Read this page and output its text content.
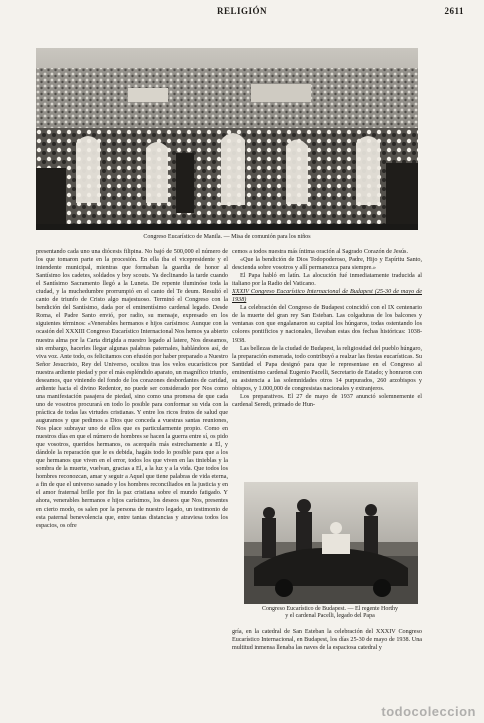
RELIGIÓN	2611
Congreso Eucarístico de Manila. — Misa de comunión para los niños

presentando cada uno una diócesis filipina. No bajó de 500,000 el número de los que tomaron parte en la procesión. En ella iba el vicepresidente y el intendente municipal, mientras que formaban la guardia de honor al Santísimo los cadetes, soldados y boy scouts. Ya declinando la tarde cuando el Santísimo Sacramento llegó a la Luneta. De repente iluminóse toda la ciudad, y la muchedumbre prorrumpió en el canto del Te deum. Resultó el canto de triunfo de Cristo algo majestuoso. Terminó el Congreso con la bendición del Santísimo, dada por el eminentísimo cardenal legado. Desde Roma, el Padre Santo envió, por radio, su mensaje, expresado en los siguientes términos: «Venerables hermanos e hijos carísimos: Aunque con la ocasión del XXXIII Congreso Eucarístico Internacional Nos hemos ya abierto nuestra alma por la Carta dirigida a nuestro legado al latere, Nos deseamos, sin embargo, hacerles llegar algunas palabras paternales, hablándoos así, de viva voz. Ante todo, os felicitamos con efusión por haber preparado a Nuestro Señor Jesucristo, Rey del Universo, ocultos tras los velos eucarísticos por nuestra ardiente piedad y por el más espléndido aparato, un magnífico triunfo, deseamos, que viniendo del fondo de los corazones desbordantes de caridad, ardiente hacia el divino Redentor, no puede ser considerado por Nos como una manifestación pasajera de piedad, sino como una promesa de que cada uno de vosotros procurará en todo lo posible para conformar su vida con la práctica de todas las virtudes cristianas. Y entre los ricos frutos de salud que auguramos y que pedimos a Dios que conceda a vuestras santas reuniones, Nos place subrayar uno de ellos que es particularmente propio. Como en nuestros días en que el número de hombres se hacen la guerra entre sí, os pido que vosotros, queridos hermanos, os acerquéis más estrechamente a El, y dándole la reparación que le es debida, hagáis todo lo posible para que a los que hermanos que viven en el error, todos los que viven en las tinieblas y la sombra de la muerte, vuelvan, gracias a El, a la luz y a la vida. Que todos los hombres reconozcan, amar y seguir a Aquel que tiene palabras de vida eterna, a fin de que el universo sanado y los hombres reconciliados en la justicia y en el amor fraternal brille por fin la paz cristiana sobre el mundo fatigado. Y ahora, venerables hermanos e hijos carísimos, los deseos que Nos, presentes en cierto modo, os salen por la persona de nuestro legado, un testimonio de esta paternal benevolencia que, entre tantas distancias y atraviesa todos los espacios, os ofre

cemos a todos nuestra más íntima oración al Sagrado Corazón de Jesús.

«Que la bendición de Dios Todopoderoso, Padre, Hijo y Espíritu Santo, descienda sobre vosotros y allí permanezca para siempre.»

El Papa habló en latín. La alocución fué inmediatamente traducida al italiano por la Radio del Vaticano.

XXXIV Congreso Eucarístico Internacional de Budapest (25-30 de mayo de 1938)

La celebración del Congreso de Budapest coincidió con el IX centenario de la muerte del gran rey San Esteban. Las colgaduras de los balcones y ventanas con que engalanaron su capital los húngaros, todas ostentando los colores pontificios y nacionales, llevaban estas dos fechas históricas: 1038-1938.

Las bellezas de la ciudad de Budapest, la religiosidad del pueblo húngaro, la preparación esmerada, todo contribuyó a realzar las fiestas eucarísticas. Su Santidad el Papa designó para que le representase en el Congreso al eminentísimo cardenal Eugenio Pacelli, Secretario de Estado; y honraron con su asistencia a las solemnidades otros 14 purpurados, 260 arzobispos y obispos, y 1.000,000 de congresistas nacionales y extranjeros.

Los preparativos. El 27 de mayo de 1937 anunció solemnemente el cardenal Seredi, primado de Hun-

Congreso Eucarístico de Budapest. — El regente Horthy
y el cardenal Pacelli, legado del Papa

gría, en la catedral de San Esteban la celebración del XXXIV Congreso Eucarístico Internacional, en Budapest, los días 25-30 de mayo de 1938. Una multitud inmensa llenaba las naves de la espaciosa catedral y

todocoleccion
